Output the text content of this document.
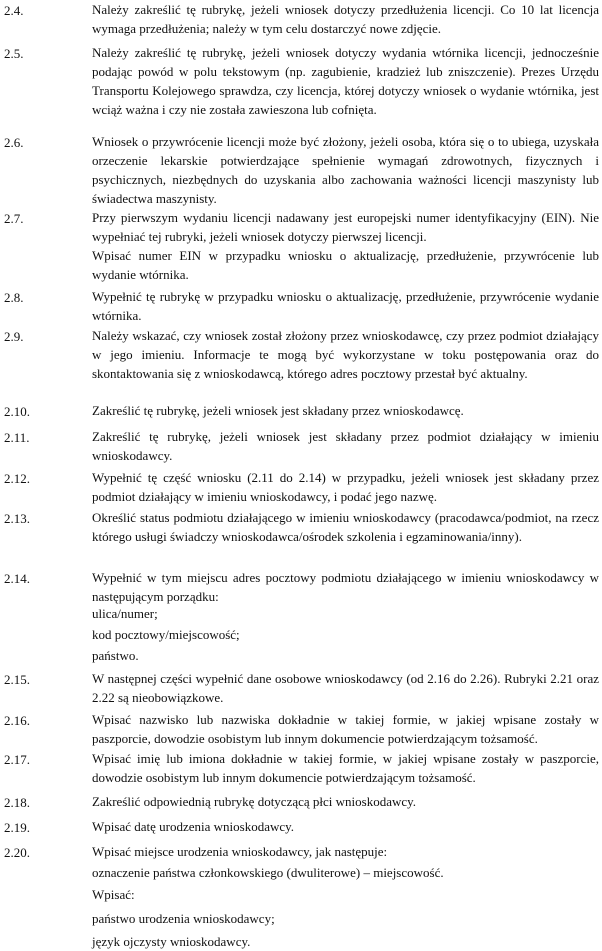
2.4.	Należy zakreślić tę rubrykę, jeżeli wniosek dotyczy przedłużenia licencji. Co 10 lat licencja wymaga przedłużenia; należy w tym celu dostarczyć nowe zdjęcie.
2.5.	Należy zakreślić tę rubrykę, jeżeli wniosek dotyczy wydania wtórnika licencji, jednocześnie podając powód w polu tekstowym (np. zagubienie, kradzież lub zniszczenie). Prezes Urzędu Transportu Kolejowego sprawdza, czy licencja, której dotyczy wniosek o wydanie wtórnika, jest wciąż ważna i czy nie została zawieszona lub cofnięta.
2.6.	Wniosek o przywrócenie licencji może być złożony, jeżeli osoba, która się o to ubiega, uzyskała orzeczenie lekarskie potwierdzające spełnienie wymagań zdrowotnych, fizycznych i psychicznych, niezbędnych do uzyskania albo zachowania ważności licencji maszynisty lub świadectwa maszynisty.
2.7.	Przy pierwszym wydaniu licencji nadawany jest europejski numer identyfikacyjny (EIN). Nie wypełniać tej rubryki, jeżeli wniosek dotyczy pierwszej licencji.
Wpisać numer EIN w przypadku wniosku o aktualizację, przedłużenie, przywrócenie lub wydanie wtórnika.
2.8.	Wypełnić tę rubrykę w przypadku wniosku o aktualizację, przedłużenie, przywrócenie wydanie wtórnika.
2.9.	Należy wskazać, czy wniosek został złożony przez wnioskodawcę, czy przez podmiot działający w jego imieniu. Informacje te mogą być wykorzystane w toku postępowania oraz do skontaktowania się z wnioskodawcą, którego adres pocztowy przestał być aktualny.
2.10.	Zakreślić tę rubrykę, jeżeli wniosek jest składany przez wnioskodawcę.
2.11.	Zakreślić tę rubrykę, jeżeli wniosek jest składany przez podmiot działający w imieniu wnioskodawcy.
2.12.	Wypełnić tę część wniosku (2.11 do 2.14) w przypadku, jeżeli wniosek jest składany przez podmiot działający w imieniu wnioskodawcy, i podać jego nazwę.
2.13.	Określić status podmiotu działającego w imieniu wnioskodawcy (pracodawca/podmiot, na rzecz którego usługi świadczy wnioskodawca/ośrodek szkolenia i egzaminowania/inny).
2.14.	Wypełnić w tym miejscu adres pocztowy podmiotu działającego w imieniu wnioskodawcy w następującym porządku:
ulica/numer;
kod pocztowy/miejscowość;
państwo.
2.15.	W następnej części wypełnić dane osobowe wnioskodawcy (od 2.16 do 2.26). Rubryki 2.21 oraz 2.22 są nieobowiązkowe.
2.16.	Wpisać nazwisko lub nazwiska dokładnie w takiej formie, w jakiej wpisane zostały w paszporcie, dowodzie osobistym lub innym dokumencie potwierdzającym tożsamość.
2.17.	Wpisać imię lub imiona dokładnie w takiej formie, w jakiej wpisane zostały w paszporcie, dowodzie osobistym lub innym dokumencie potwierdzającym tożsamość.
2.18.	Zakreślić odpowiednią rubrykę dotyczącą płci wnioskodawcy.
2.19.	Wpisać datę urodzenia wnioskodawcy.
2.20.	Wpisać miejsce urodzenia wnioskodawcy, jak następuje:
oznaczenie państwa członkowskiego (dwuliterowe) – miejscowość.
Wpisać:
państwo urodzenia wnioskodawcy;
język ojczysty wnioskodawcy.
